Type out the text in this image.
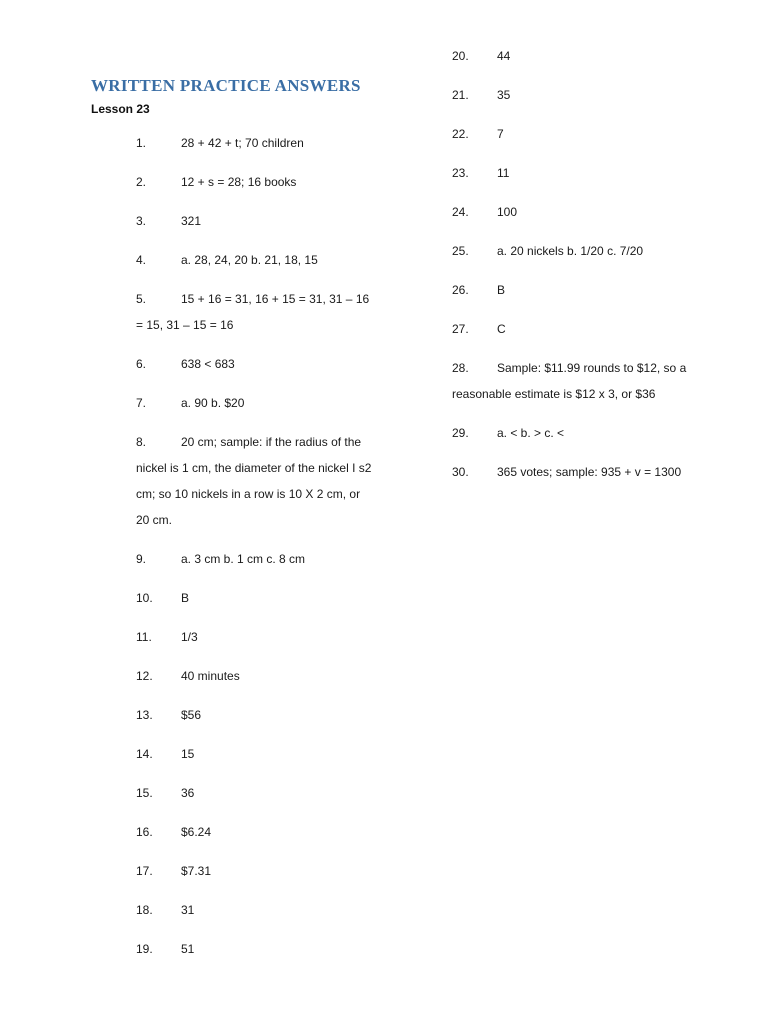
WRITTEN PRACTICE ANSWERS
Lesson 23
1.	28 + 42 + t; 70 children
2.	12 + s = 28; 16 books
3.	321
4.	a. 28, 24, 20 b. 21, 18, 15
5.	15 + 16 = 31, 16 + 15 = 31, 31 – 16 = 15, 31 – 15 = 16
6.	638 < 683
7.	a. 90 b. $20
8.	20 cm; sample: if the radius of the nickel is 1 cm, the diameter of the nickel I s2 cm; so 10 nickels in a row is 10 X 2 cm, or 20 cm.
9.	a. 3 cm b. 1 cm c. 8 cm
10.	B
11.	1/3
12.	40 minutes
13.	$56
14.	15
15.	36
16.	$6.24
17.	$7.31
18.	31
19.	51
20.	44
21.	35
22.	7
23.	11
24.	100
25.	a. 20 nickels b. 1/20 c. 7/20
26.	B
27.	C
28.	Sample: $11.99 rounds to $12, so a reasonable estimate is $12 x 3, or $36
29.	a. < b. > c. <
30.	365 votes; sample: 935 + v = 1300
